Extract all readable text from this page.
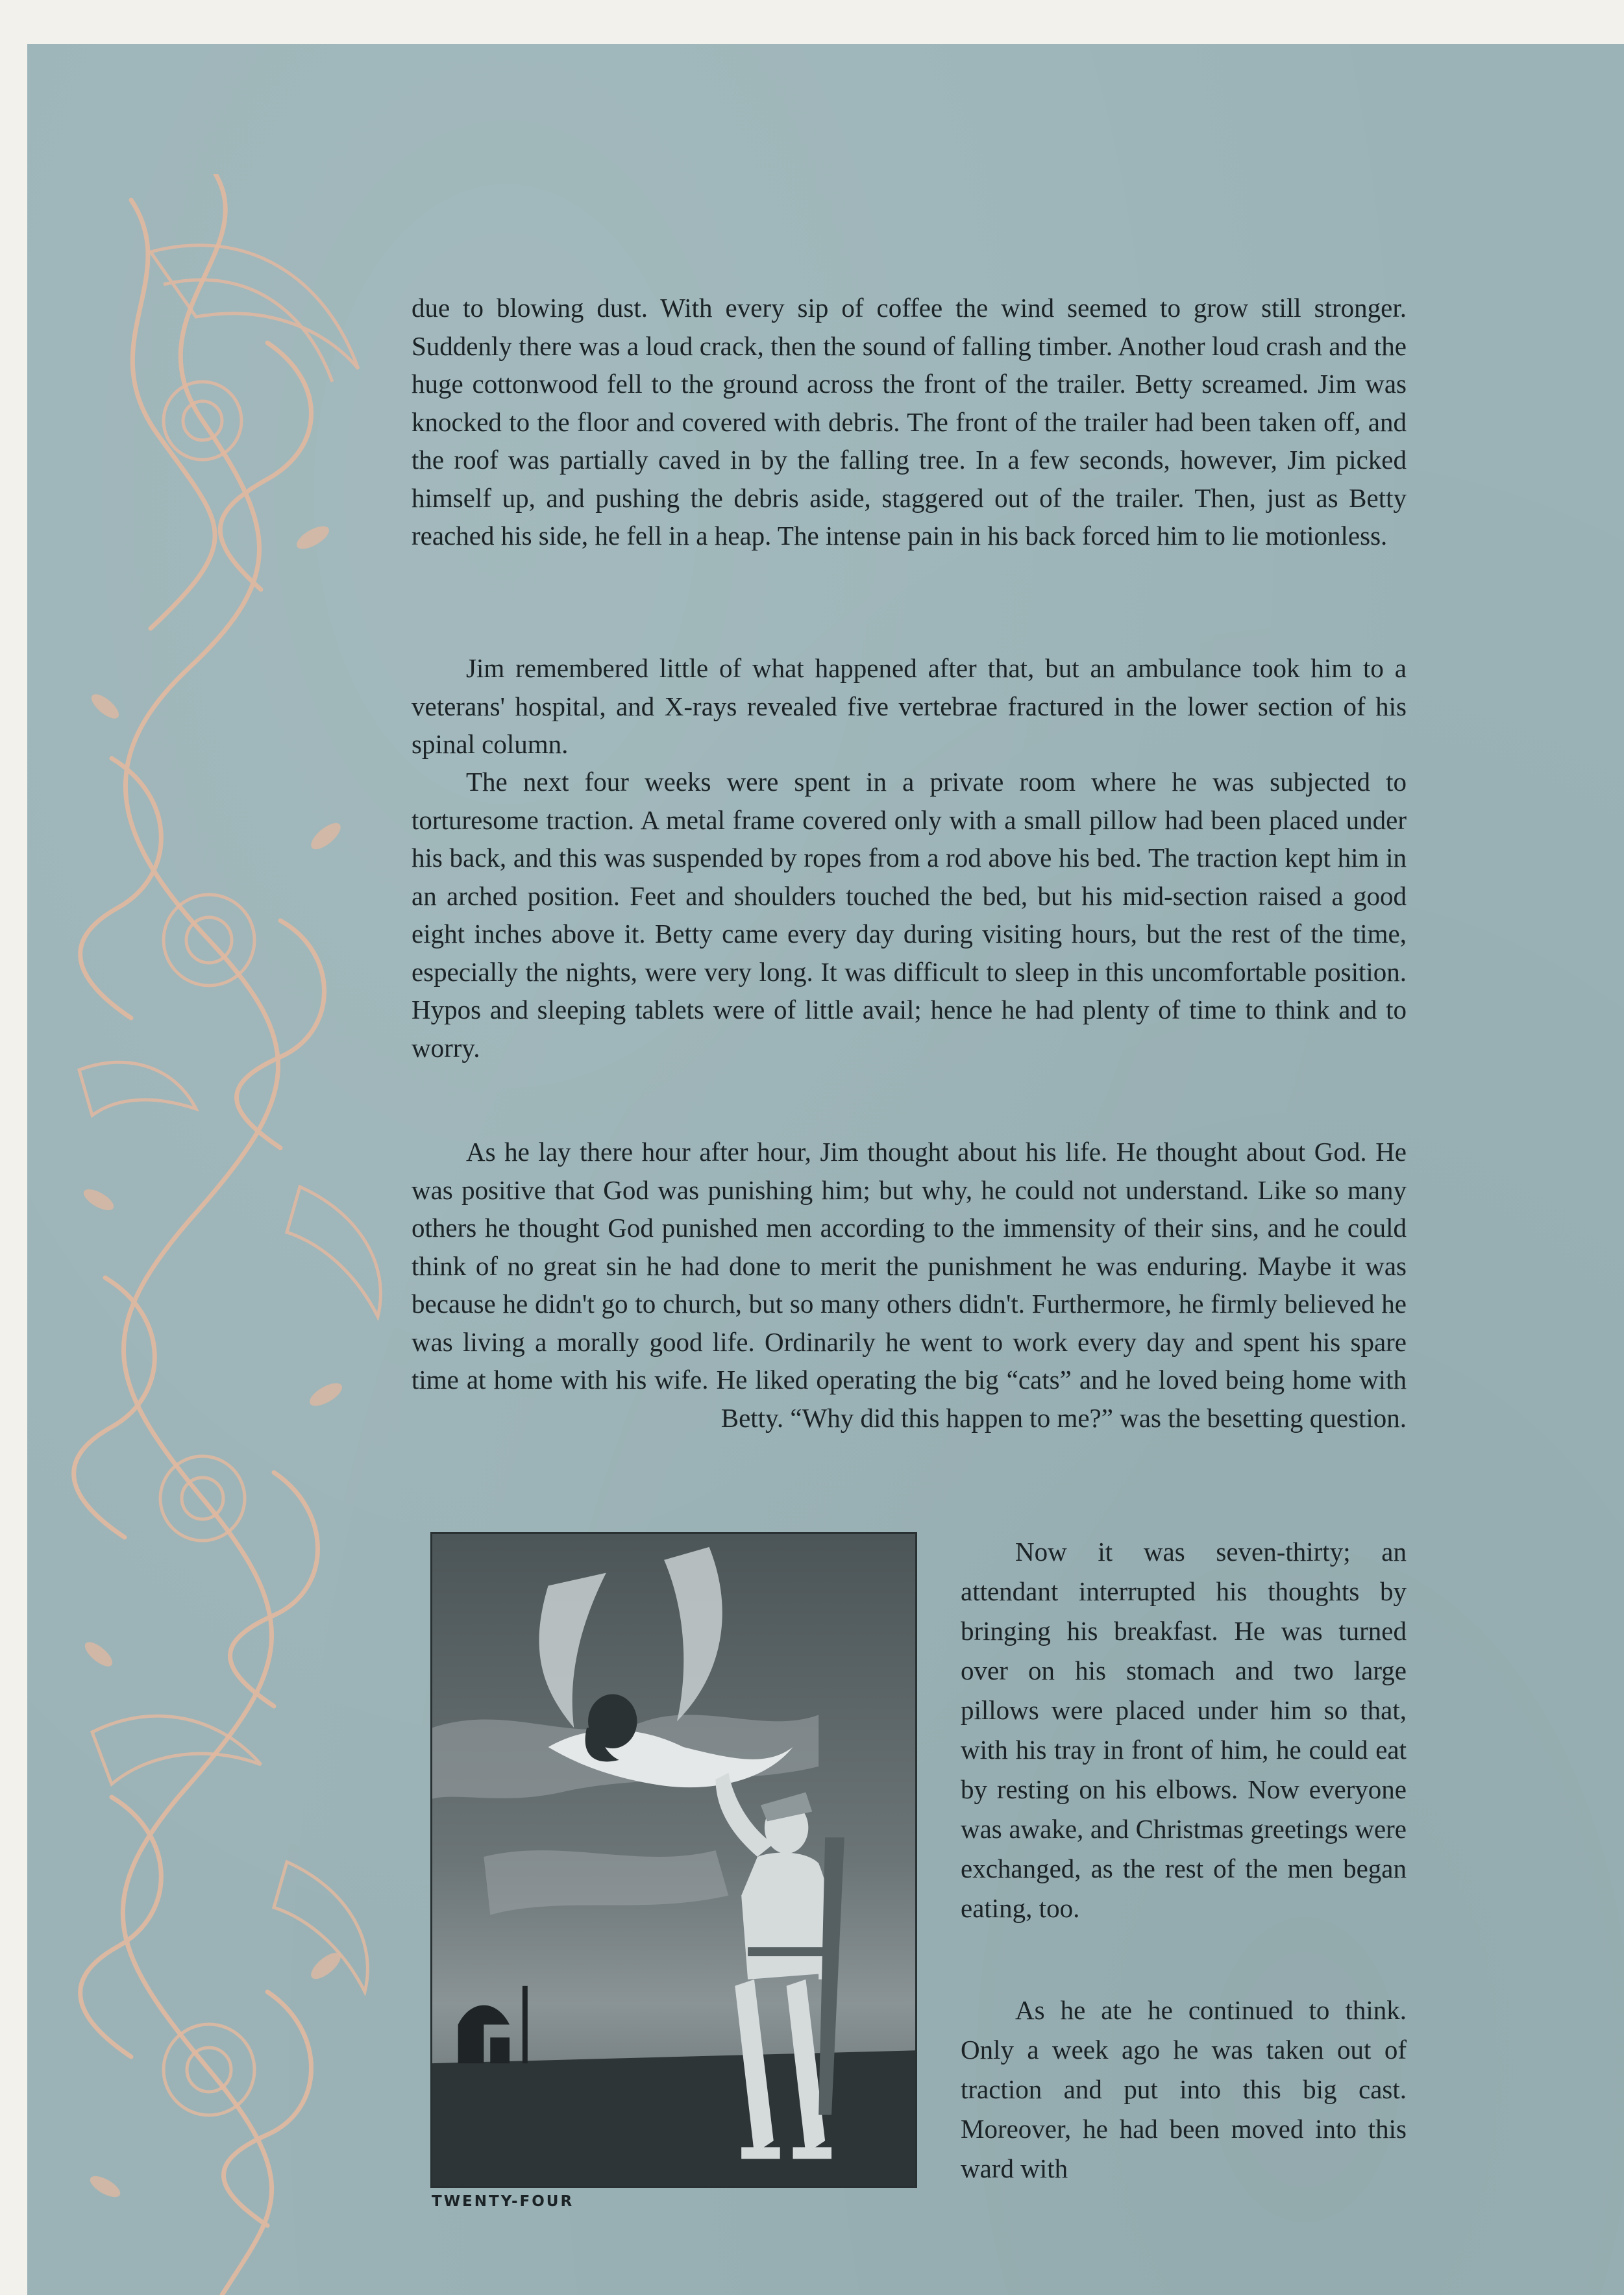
due to blowing dust. With every sip of coffee the wind seemed to grow still stronger. Suddenly there was a loud crack, then the sound of falling timber. Another loud crash and the huge cottonwood fell to the ground across the front of the trailer. Betty screamed. Jim was knocked to the floor and covered with debris. The front of the trailer had been taken off, and the roof was partially caved in by the falling tree. In a few seconds, however, Jim picked himself up, and pushing the debris aside, staggered out of the trailer. Then, just as Betty reached his side, he fell in a heap. The intense pain in his back forced him to lie motionless.

Jim remembered little of what happened after that, but an ambulance took him to a veterans' hospital, and X-rays revealed five vertebrae fractured in the lower section of his spinal column.

The next four weeks were spent in a private room where he was subjected to torturesome traction. A metal frame covered only with a small pillow had been placed under his back, and this was suspended by ropes from a rod above his bed. The traction kept him in an arched position. Feet and shoulders touched the bed, but his mid-section raised a good eight inches above it. Betty came every day during visiting hours, but the rest of the time, especially the nights, were very long. It was difficult to sleep in this uncomfortable position. Hypos and sleeping tablets were of little avail; hence he had plenty of time to think and to worry.

As he lay there hour after hour, Jim thought about his life. He thought about God. He was positive that God was punishing him; but why, he could not understand. Like so many others he thought God punished men according to the immensity of their sins, and he could think of no great sin he had done to merit the punishment he was enduring. Maybe it was because he didn't go to church, but so many others didn't. Furthermore, he firmly believed he was living a morally good life. Ordinarily he went to work every day and spent his spare time at home with his wife. He liked operating the big “cats” and he loved being home with Betty. “Why did this happen to me?” was the besetting question.

Now it was seven-thirty; an attendant interrupted his thoughts by bringing his breakfast. He was turned over on his stomach and two large pillows were placed under him so that, with his tray in front of him, he could eat by resting on his elbows. Now everyone was awake, and Christmas greetings were exchanged, as the rest of the men began eating, too.

As he ate he continued to think. Only a week ago he was taken out of traction and put into this big cast. Moreover, he had been moved into this ward with

TWENTY-FOUR
